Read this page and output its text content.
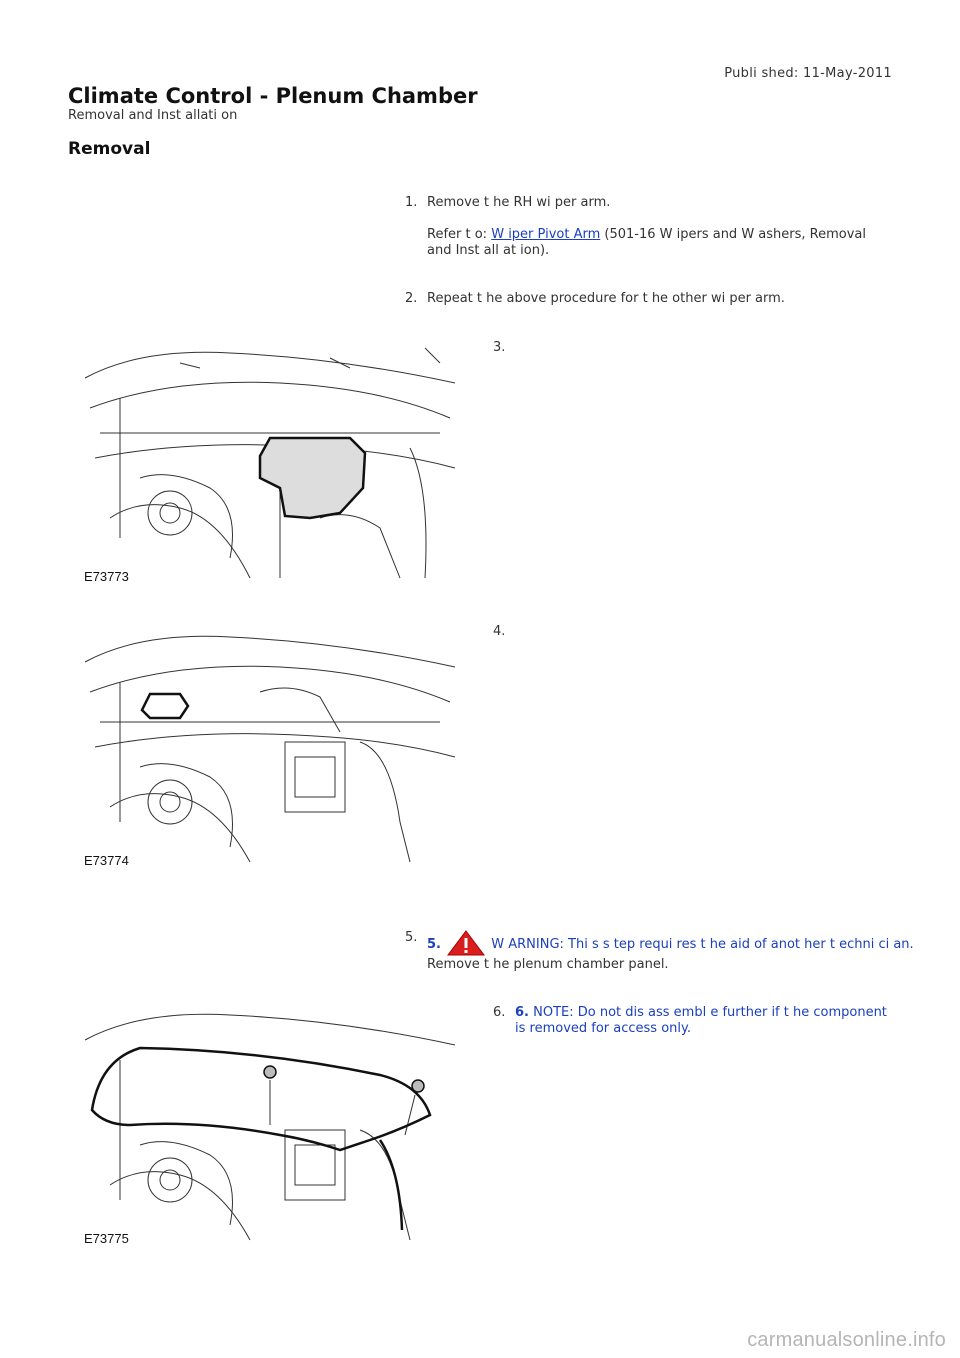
Publi shed: 11-May-2011
Climate Control - Plenum Chamber
Removal and Inst allati on
Removal
1. Remove t he RH wi per arm.
Refer t o: W iper Pivot Arm (501-16 W ipers and W ashers, Removal
and Inst all at ion).
2. Repeat t he above procedure for t he other wi per arm.
3.
E73773
4.
E73774
5. 5.	W ARNING: Thi s s tep requi res t he aid of anot her t echni ci an.
Remove t he plenum chamber panel.
6. 6. NOTE: Do not dis ass embl e further if t he component
is removed for access only.
E73775
carmanualsonline.info
